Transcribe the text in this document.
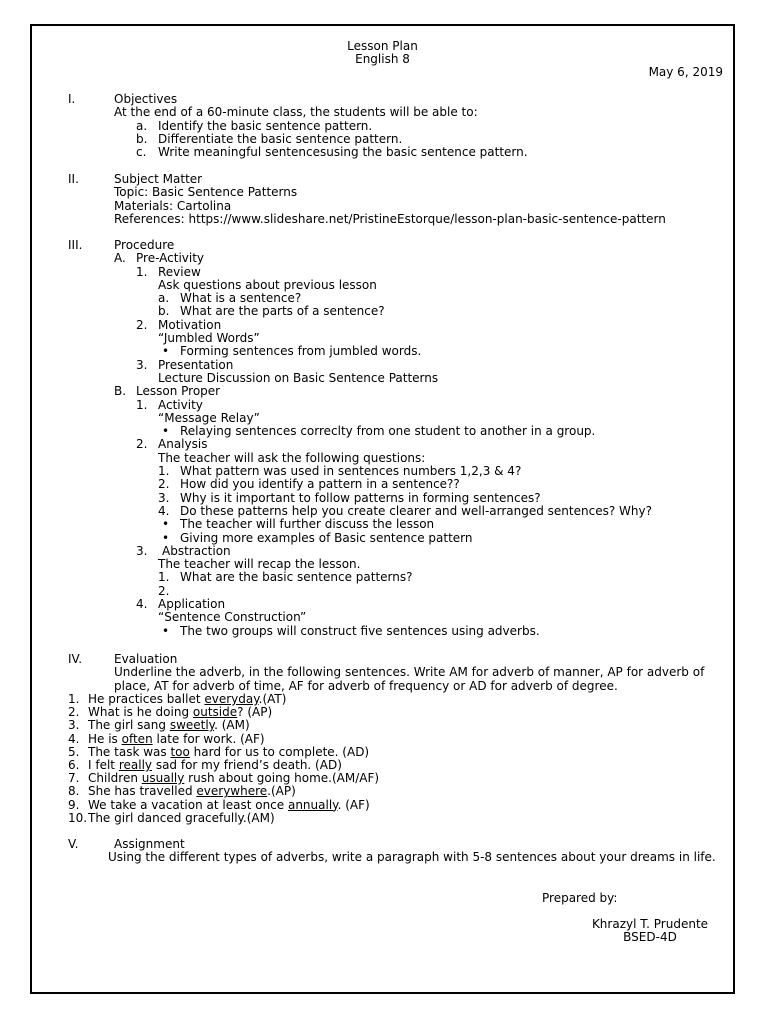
Lesson Plan
English 8
May 6, 2019
I.	Objectives
At the end of a 60-minute class, the students will be able to:
a. Identify the basic sentence pattern.
b. Differentiate the basic sentence pattern.
c. Write meaningful sentencesusing the basic sentence pattern.
II.	Subject Matter
Topic: Basic Sentence Patterns
Materials: Cartolina
References: https://www.slideshare.net/PristineEstorque/lesson-plan-basic-sentence-pattern
III.	Procedure
A. Pre-Activity
1. Review
Ask questions about previous lesson
a. What is a sentence?
b. What are the parts of a sentence?
2. Motivation
“Jumbled Words”
• Forming sentences from jumbled words.
3. Presentation
Lecture Discussion on Basic Sentence Patterns
B. Lesson Proper
1. Activity
“Message Relay”
• Relaying sentences correclty from one student to another in a group.
2. Analysis
The teacher will ask the following questions:
1. What pattern was used in sentences numbers 1,2,3 & 4?
2. How did you identify a pattern in a sentence??
3. Why is it important to follow patterns in forming sentences?
4. Do these patterns help you create clearer and well-arranged sentences? Why?
• The teacher will further discuss the lesson
• Giving more examples of Basic sentence pattern
3. Abstraction
The teacher will recap the lesson.
1. What are the basic sentence patterns?
2.
4. Application
“Sentence Construction”
• The two groups will construct five sentences using adverbs.
IV.	Evaluation
Underline the adverb, in the following sentences. Write AM for adverb of manner, AP for adverb of place, AT for adverb of time, AF for adverb of frequency or AD for adverb of degree.
1. He practices ballet everyday.(AT)
2. What is he doing outside? (AP)
3. The girl sang sweetly. (AM)
4. He is often late for work. (AF)
5. The task was too hard for us to complete. (AD)
6. I felt really sad for my friend’s death. (AD)
7. Children usually rush about going home.(AM/AF)
8. She has travelled everywhere.(AP)
9. We take a vacation at least once annually. (AF)
10.The girl danced gracefully.(AM)
V.	Assignment
Using the different types of adverbs, write a paragraph with 5-8 sentences about your dreams in life.
Prepared by:
Khrazyl T. Prudente
BSED-4D
